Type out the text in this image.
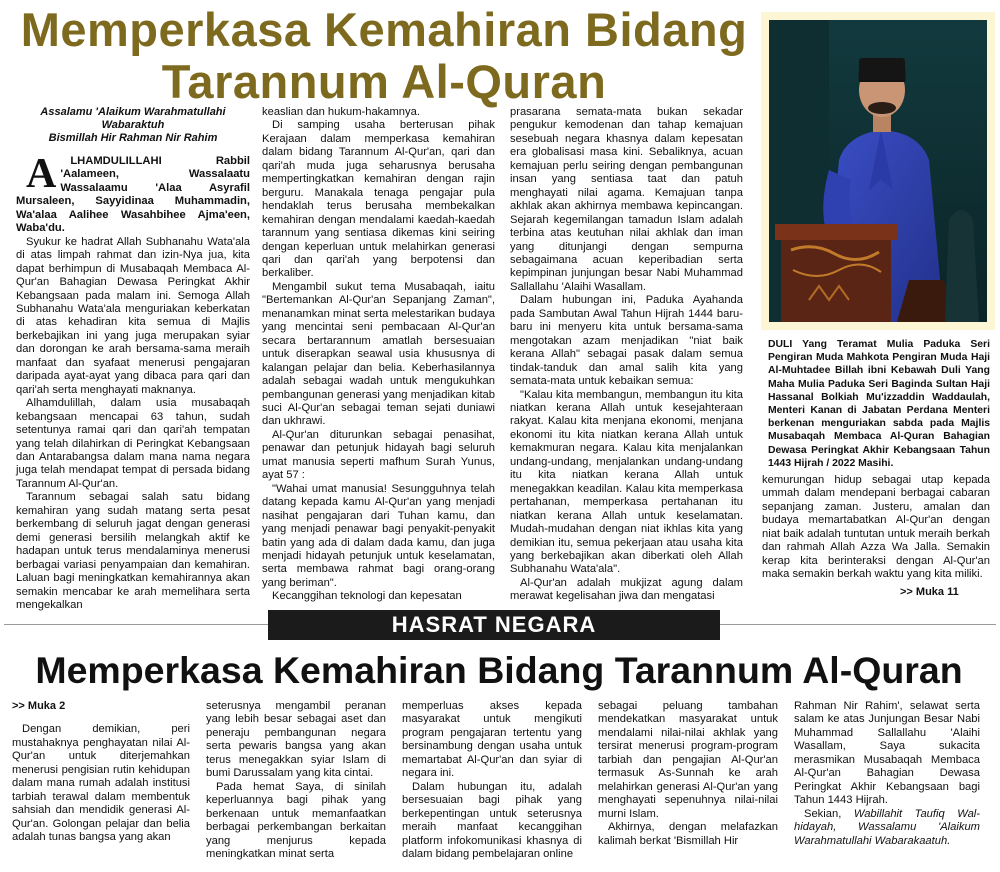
Memperkasa Kemahiran Bidang Tarannum Al-Quran
Assalamu 'Alaikum Warahmatullahi Wabaraktuh
Bismillah Hir Rahman Nir Rahim

A LHAMDULILLAHI Rabbil 'Aalameen, Wassalaatu Wassalaamu 'Alaa Asyrafil Mursaleen, Sayyidinaa Muhammadin, Wa'alaa Aalihee Wasahbihee Ajma'een, Waba'du.

Syukur ke hadrat Allah Subhanahu Wata'ala di atas limpah rahmat dan izin-Nya jua, kita dapat berhimpun di Musabaqah Membaca Al-Qur'an Bahagian Dewasa Peringkat Akhir Kebangsaan pada malam ini. Semoga Allah Subhanahu Wata'ala menguriakan keberkatan di atas kehadiran kita semua di Majlis berkebajikan ini yang juga merupakan syiar dan dorongan ke arah bersama-sama meraih manfaat dan syafaat menerusi pengajaran daripada ayat-ayat yang dibaca para qari dan qari'ah serta menghayati maknanya.

Alhamdulillah, dalam usia musabaqah kebangsaan mencapai 63 tahun, sudah setentunya ramai qari dan qari'ah tempatan yang telah dilahirkan di Peringkat Kebangsaan dan Antarabangsa dalam mana nama negara juga telah mendapat tempat di persada bidang Tarannum Al-Qur'an.

Tarannum sebagai salah satu bidang kemahiran yang sudah matang serta pesat berkembang di seluruh jagat dengan generasi demi generasi bersilih melangkah aktif ke hadapan untuk terus mendalaminya menerusi berbagai variasi penyampaian dan kemahiran. Laluan bagi meningkatkan kemahirannya akan semakin mencabar ke arah memelihara serta mengekalkan

keaslian dan hukum-hakamnya.

Di samping usaha berterusan pihak Kerajaan dalam memperkasa kemahiran dalam bidang Tarannum Al-Qur'an, qari dan qari'ah muda juga seharusnya berusaha mempertingkatkan kemahiran dengan rajin berguru. Manakala tenaga pengajar pula hendaklah terus berusaha membekalkan kemahiran dengan mendalami kaedah-kaedah tarannum yang sentiasa dikemas kini seiring dengan keperluan untuk melahirkan generasi qari dan qari'ah yang berpotensi dan berkaliber.

Mengambil sukut tema Musabaqah, iaitu "Bertemankan Al-Qur'an Sepanjang Zaman", menanamkan minat serta melestarikan budaya yang mencintai seni pembacaan Al-Qur'an secara bertarannum amatlah bersesuaian untuk diserapkan seawal usia khususnya di kalangan pelajar dan belia. Keberhasilannya adalah sebagai wadah untuk mengukuhkan pembangunan generasi yang menjadikan kitab suci Al-Qur'an sebagai teman sejati duniawi dan ukhrawi.

Al-Qur'an diturunkan sebagai penasihat, penawar dan petunjuk hidayah bagi seluruh umat manusia seperti mafhum Surah Yunus, ayat 57 :

"Wahai umat manusia! Sesungguhnya telah datang kepada kamu Al-Qur'an yang menjadi nasihat pengajaran dari Tuhan kamu, dan yang menjadi penawar bagi penyakit-penyakit batin yang ada di dalam dada kamu, dan juga menjadi hidayah petunjuk untuk keselamatan, serta membawa rahmat bagi orang-orang yang beriman".

Kecanggihan teknologi dan kepesatan

prasarana semata-mata bukan sekadar pengukur kemodenan dan tahap kemajuan sesebuah negara khasnya dalam kepesatan era globalisasi masa kini. Sebaliknya, acuan kemajuan perlu seiring dengan pembangunan insan yang sentiasa taat dan patuh menghayati nilai agama. Kemajuan tanpa akhlak akan akhirnya membawa kepincangan. Sejarah kegemilangan tamadun Islam adalah terbina atas keutuhan nilai akhlak dan iman yang ditunjangi dengan sempurna sebagaimana acuan keperibadian serta kepimpinan junjungan besar Nabi Muhammad Sallallahu 'Alaihi Wasallam.

Dalam hubungan ini, Paduka Ayahanda pada Sambutan Awal Tahun Hijrah 1444 baru-baru ini menyeru kita untuk bersama-sama mengotakan azam menjadikan "niat baik kerana Allah" sebagai pasak dalam semua tindak-tanduk dan amal salih kita yang semata-mata untuk kebaikan semua:

"Kalau kita membangun, membangun itu kita niatkan kerana Allah untuk kesejahteraan rakyat. Kalau kita menjana ekonomi, menjana ekonomi itu kita niatkan kerana Allah untuk kemakmuran negara. Kalau kita menjalankan undang-undang, menjalankan undang-undang itu kita niatkan kerana Allah untuk menegakkan keadilan. Kalau kita memperkasa pertahanan, memperkasa pertahanan itu niatkan kerana Allah untuk keselamatan. Mudah-mudahan dengan niat ikhlas kita yang demikian itu, semua pekerjaan atau usaha kita yang berkebajikan akan diberkati oleh Allah Subhanahu Wata'ala".

Al-Qur'an adalah mukjizat agung dalam merawat kegelisahan jiwa dan mengatasi

DULI Yang Teramat Mulia Paduka Seri Pengiran Muda Mahkota Pengiran Muda Haji Al-Muhtadee Billah ibni Kebawah Duli Yang Maha Mulia Paduka Seri Baginda Sultan Haji Hassanal Bolkiah Mu'izzaddin Waddaulah, Menteri Kanan di Jabatan Perdana Menteri berkenan menguriakan sabda pada Majlis Musabaqah Membaca Al-Quran Bahagian Dewasa Peringkat Akhir Kebangsaan Tahun 1443 Hijrah / 2022 Masihi.

kemurungan hidup sebagai utap kepada ummah dalam mendepani berbagai cabaran sepanjang zaman. Justeru, amalan dan budaya memartabatkan Al-Qur'an dengan niat baik adalah tuntutan untuk meraih berkah dan rahmah Allah Azza Wa Jalla. Semakin kerap kita berinteraksi dengan Al-Qur'an maka semakin berkah waktu yang kita miliki.

>> Muka 11
HASRAT NEGARA
Memperkasa Kemahiran Bidang Tarannum Al-Quran
>> Muka 2

Dengan demikian, peri mustahaknya penghayatan nilai Al-Qur'an untuk diterjemahkan menerusi pengisian rutin kehidupan dalam mana rumah adalah institusi tarbiah terawal dalam membentuk sahsiah dan mendidik generasi Al-Qur'an. Golongan pelajar dan belia adalah tunas bangsa yang akan

seterusnya mengambil peranan yang lebih besar sebagai aset dan peneraju pembangunan negara serta pewaris bangsa yang akan terus menegakkan syiar Islam di bumi Darussalam yang kita cintai.

Pada hemat Saya, di sinilah keperluannya bagi pihak yang berkenaan untuk memanfaatkan berbagai perkembangan berkaitan yang menjurus kepada meningkatkan minat serta

memperluas akses kepada masyarakat untuk mengikuti program pengajaran tertentu yang bersinambung dengan usaha untuk memartabat Al-Qur'an dan syiar di negara ini.

Dalam hubungan itu, adalah bersesuaian bagi pihak yang berkepentingan untuk seterusnya meraih manfaat kecanggihan platform infokomunikasi khasnya di dalam bidang pembelajaran online

sebagai peluang tambahan mendekatkan masyarakat untuk mendalami nilai-nilai akhlak yang tersirat menerusi program-program tarbiah dan pengajian Al-Qur'an termasuk As-Sunnah ke arah melahirkan generasi Al-Qur'an yang menghayati sepenuhnya nilai-nilai murni Islam.

Akhirnya, dengan melafazkan kalimah berkat 'Bismillah Hir

Rahman Nir Rahim', selawat serta salam ke atas Junjungan Besar Nabi Muhammad Sallallahu 'Alaihi Wasallam, Saya sukacita merasmikan Musabaqah Membaca Al-Qur'an Bahagian Dewasa Peringkat Akhir Kebangsaan bagi Tahun 1443 Hijrah.

Sekian, Wabillahit Taufiq Wal-hidayah, Wassalamu 'Alaikum Warahmatullahi Wabarakaatuh.
